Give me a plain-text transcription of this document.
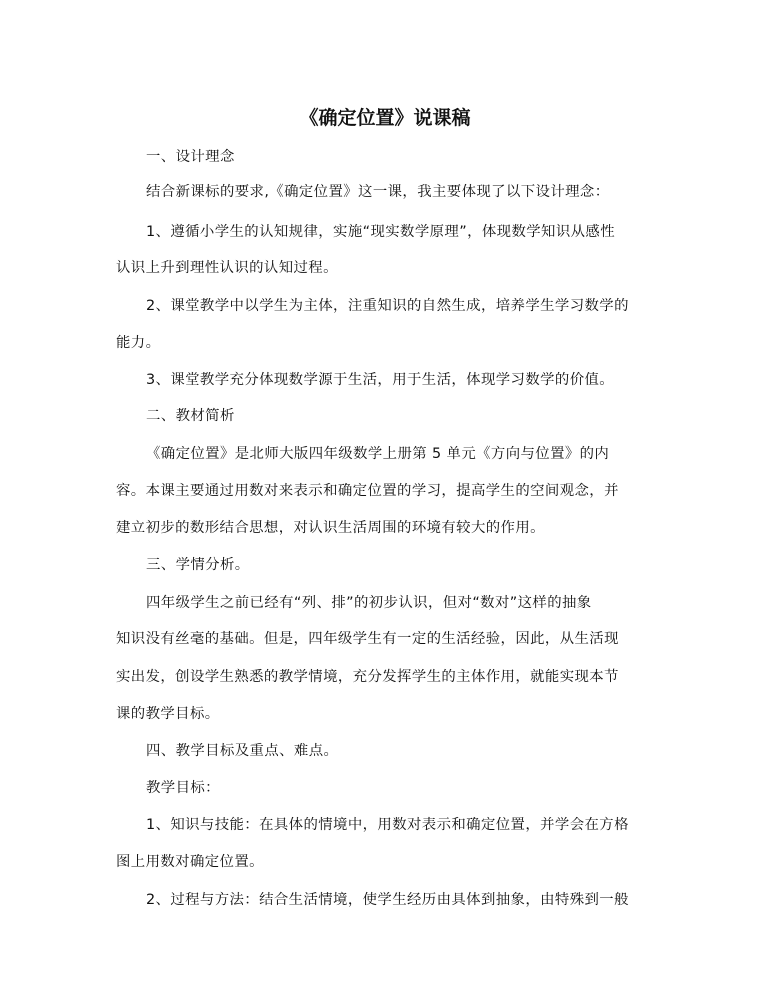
《确定位置》说课稿

一、设计理念

结合新课标的要求,《确定位置》这一课，我主要体现了以下设计理念：

1、遵循小学生的认知规律，实施“现实数学原理”，体现数学知识从感性

认识上升到理性认识的认知过程。

2、课堂教学中以学生为主体，注重知识的自然生成，培养学生学习数学的

能力。

3、课堂教学充分体现数学源于生活，用于生活，体现学习数学的价值。

二、教材简析

《确定位置》是北师大版四年级数学上册第 5 单元《方向与位置》的内

容。本课主要通过用数对来表示和确定位置的学习，提高学生的空间观念，并

建立初步的数形结合思想，对认识生活周围的环境有较大的作用。

三、学情分析。

四年级学生之前已经有“列、排”的初步认识，但对“数对”这样的抽象

知识没有丝毫的基础。但是，四年级学生有一定的生活经验，因此，从生活现

实出发，创设学生熟悉的教学情境，充分发挥学生的主体作用，就能实现本节

课的教学目标。

四、教学目标及重点、难点。

教学目标：

1、知识与技能：在具体的情境中，用数对表示和确定位置，并学会在方格

图上用数对确定位置。

2、过程与方法：结合生活情境，使学生经历由具体到抽象，由特殊到一般
